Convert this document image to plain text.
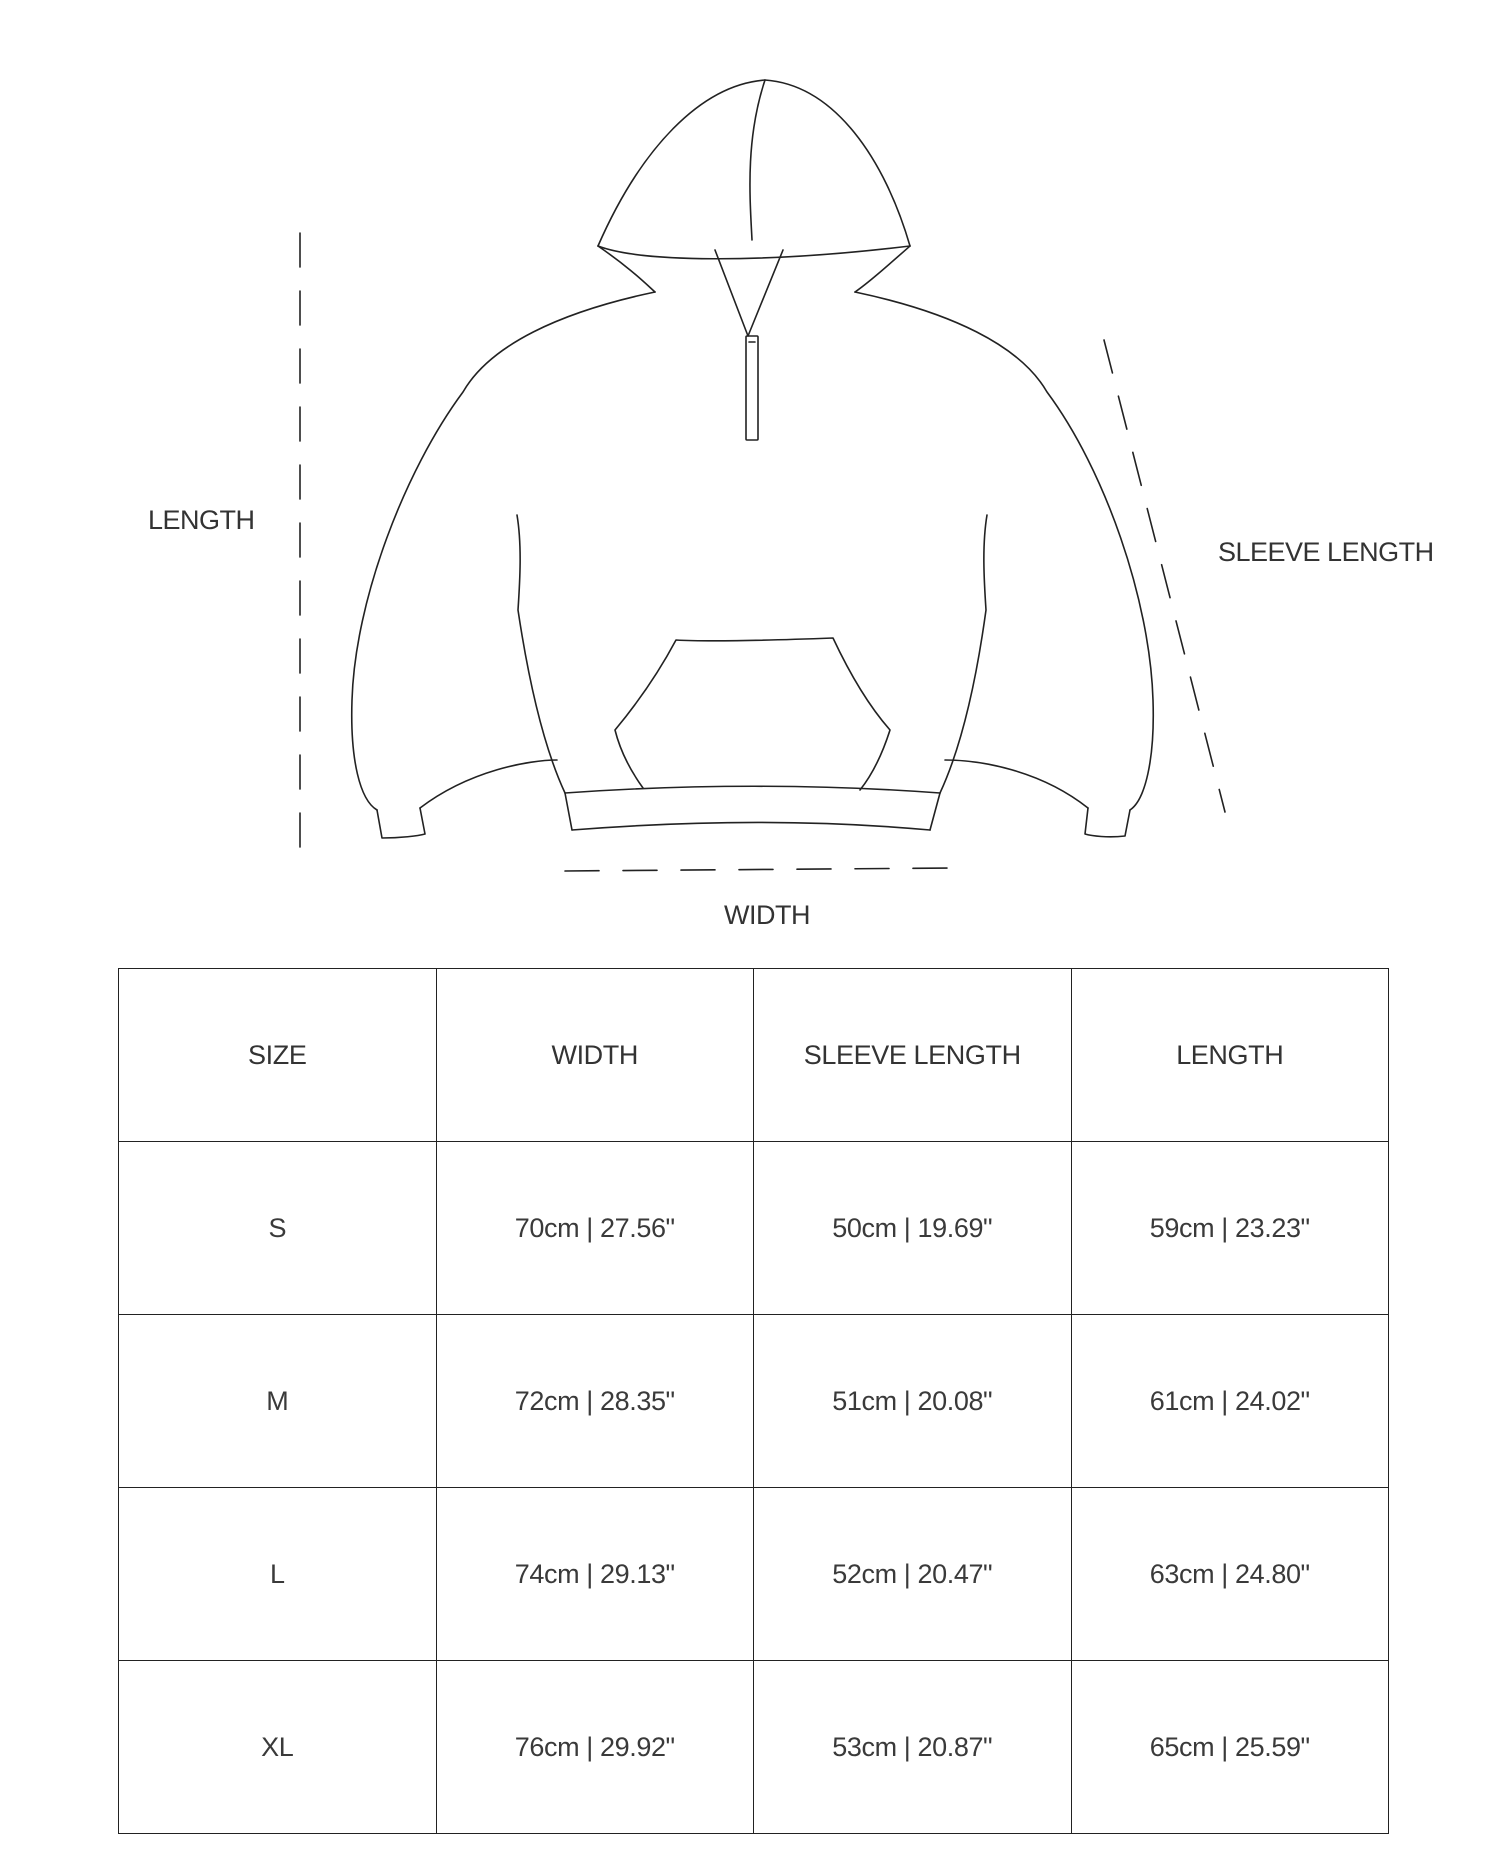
LENGTH
SLEEVE LENGTH
WIDTH
SIZE	WIDTH	SLEEVE LENGTH	LENGTH
S	70cm | 27.56"	50cm | 19.69"	59cm | 23.23"
M	72cm | 28.35"	51cm | 20.08"	61cm | 24.02"
L	74cm | 29.13"	52cm | 20.47"	63cm | 24.80"
XL	76cm | 29.92"	53cm | 20.87"	65cm | 25.59"
